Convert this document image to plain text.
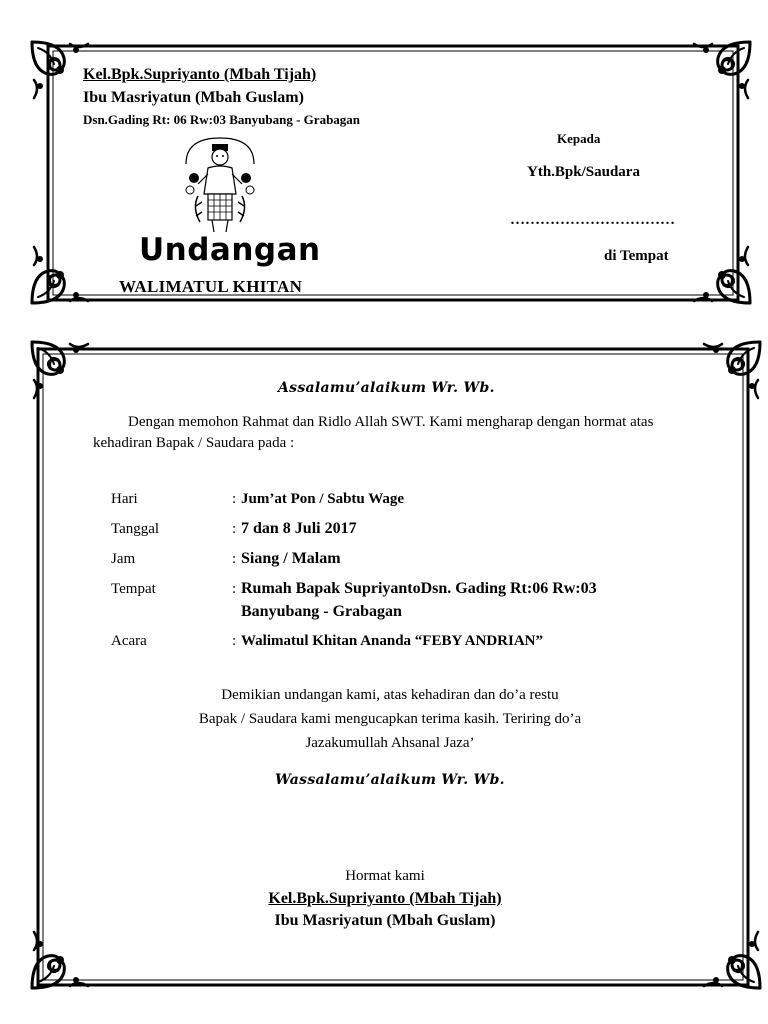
Kel.Bpk.Supriyanto (Mbah Tijah)
Ibu Masriyatun (Mbah Guslam)
Dsn.Gading Rt: 06 Rw:03 Banyubang - Grabagan
Undangan
WALIMATUL KHITAN
Kepada
Yth.Bpk/Saudara
……………………………
di Tempat
Assalamu’alaikum Wr. Wb.
Dengan memohon Rahmat dan Ridlo Allah SWT. Kami mengharap dengan hormat atas kehadiran Bapak / Saudara pada :
Hari	: Jum’at Pon / Sabtu Wage
Tanggal	: 7 dan 8 Juli 2017
Jam	: Siang / Malam
Tempat	: Rumah Bapak SupriyantoDsn. Gading Rt:06 Rw:03
Banyubang - Grabagan
Acara	: Walimatul Khitan Ananda “FEBY ANDRIAN”
Demikian undangan kami, atas kehadiran dan do’a restu
Bapak / Saudara kami mengucapkan terima kasih. Teriring do’a
Jazakumullah Ahsanal Jaza’
Wassalamu’alaikum Wr. Wb.
Hormat kami
Kel.Bpk.Supriyanto (Mbah Tijah)
Ibu Masriyatun (Mbah Guslam)
